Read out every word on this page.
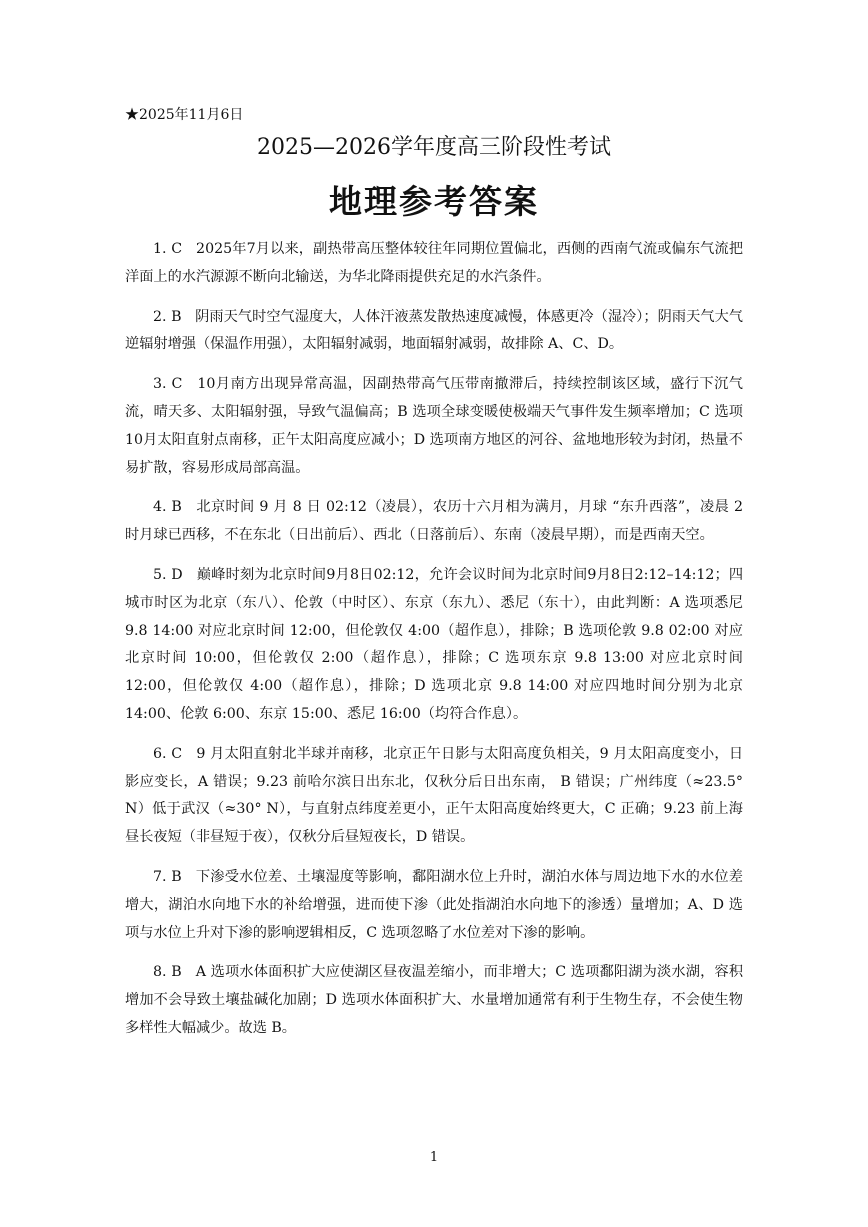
★2025年11月6日
2025—2026学年度高三阶段性考试
地理参考答案

1. C 2025年7月以来，副热带高压整体较往年同期位置偏北，西侧的西南气流或偏东气流把洋面上的水汽源源不断向北输送，为华北降雨提供充足的水汽条件。

2. B 阴雨天气时空气湿度大，人体汗液蒸发散热速度减慢，体感更冷（湿冷）；阴雨天气大气逆辐射增强（保温作用强），太阳辐射减弱，地面辐射减弱，故排除 A、C、D。

3. C 10月南方出现异常高温，因副热带高气压带南撤滞后，持续控制该区域，盛行下沉气流，晴天多、太阳辐射强，导致气温偏高；B 选项全球变暖使极端天气事件发生频率增加；C 选项 10月太阳直射点南移，正午太阳高度应减小；D 选项南方地区的河谷、盆地地形较为封闭，热量不易扩散，容易形成局部高温。

4. B 北京时间 9 月 8 日 02:12（凌晨），农历十六月相为满月，月球 “东升西落”，凌晨 2 时月球已西移，不在东北（日出前后）、西北（日落前后）、东南（凌晨早期），而是西南天空。

5. D 巅峰时刻为北京时间9月8日02:12，允许会议时间为北京时间9月8日2:12–14:12；四城市时区为北京（东八）、伦敦（中时区）、东京（东九）、悉尼（东十），由此判断：A 选项悉尼 9.8 14:00 对应北京时间 12:00，但伦敦仅 4:00（超作息），排除；B 选项伦敦 9.8 02:00 对应北京时间 10:00，但伦敦仅 2:00（超作息），排除；C 选项东京 9.8 13:00 对应北京时间 12:00，但伦敦仅 4:00（超作息），排除；D 选项北京 9.8 14:00 对应四地时间分别为北京 14:00、伦敦 6:00、东京 15:00、悉尼 16:00（均符合作息）。

6. C 9 月太阳直射北半球并南移，北京正午日影与太阳高度负相关，9 月太阳高度变小，日影应变长，A 错误；9.23 前哈尔滨日出东北，仅秋分后日出东南， B 错误；广州纬度（≈23.5° N）低于武汉（≈30° N），与直射点纬度差更小，正午太阳高度始终更大，C 正确；9.23 前上海昼长夜短（非昼短于夜），仅秋分后昼短夜长，D 错误。

7. B 下渗受水位差、土壤湿度等影响，鄱阳湖水位上升时，湖泊水体与周边地下水的水位差增大，湖泊水向地下水的补给增强，进而使下渗（此处指湖泊水向地下的渗透）量增加；A、D 选项与水位上升对下渗的影响逻辑相反，C 选项忽略了水位差对下渗的影响。

8. B A 选项水体面积扩大应使湖区昼夜温差缩小，而非增大；C 选项鄱阳湖为淡水湖，容积增加不会导致土壤盐碱化加剧；D 选项水体面积扩大、水量增加通常有利于生物生存，不会使生物多样性大幅减少。故选 B。

1
